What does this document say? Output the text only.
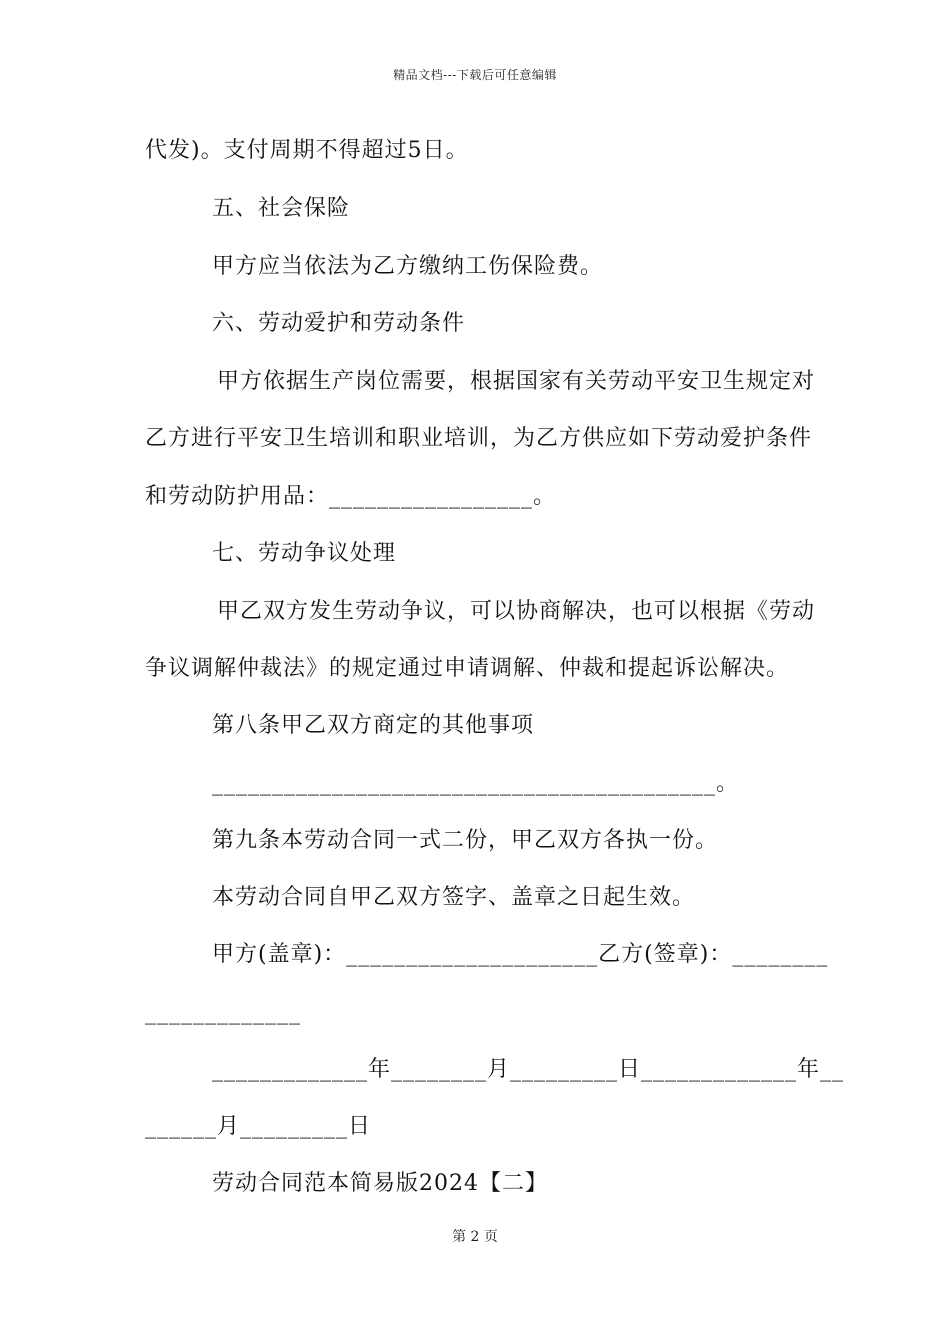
精品文档---下载后可任意编辑
代发)。支付周期不得超过5日。
五、社会保险
甲方应当依法为乙方缴纳工伤保险费。
六、劳动爱护和劳动条件
甲方依据生产岗位需要，根据国家有关劳动平安卫生规定对
乙方进行平安卫生培训和职业培训，为乙方供应如下劳动爱护条件
和劳动防护用品：_________________。
七、劳动争议处理
甲乙双方发生劳动争议，可以协商解决，也可以根据《劳动
争议调解仲裁法》的规定通过申请调解、仲裁和提起诉讼解决。
第八条甲乙双方商定的其他事项
__________________________________________。
第九条本劳动合同一式二份，甲乙双方各执一份。
本劳动合同自甲乙双方签字、盖章之日起生效。
甲方(盖章)：_____________________乙方(签章)：________
_____________
_____________年________月_________日_____________年__
______月_________日
劳动合同范本简易版2024【二】
第 2 页
